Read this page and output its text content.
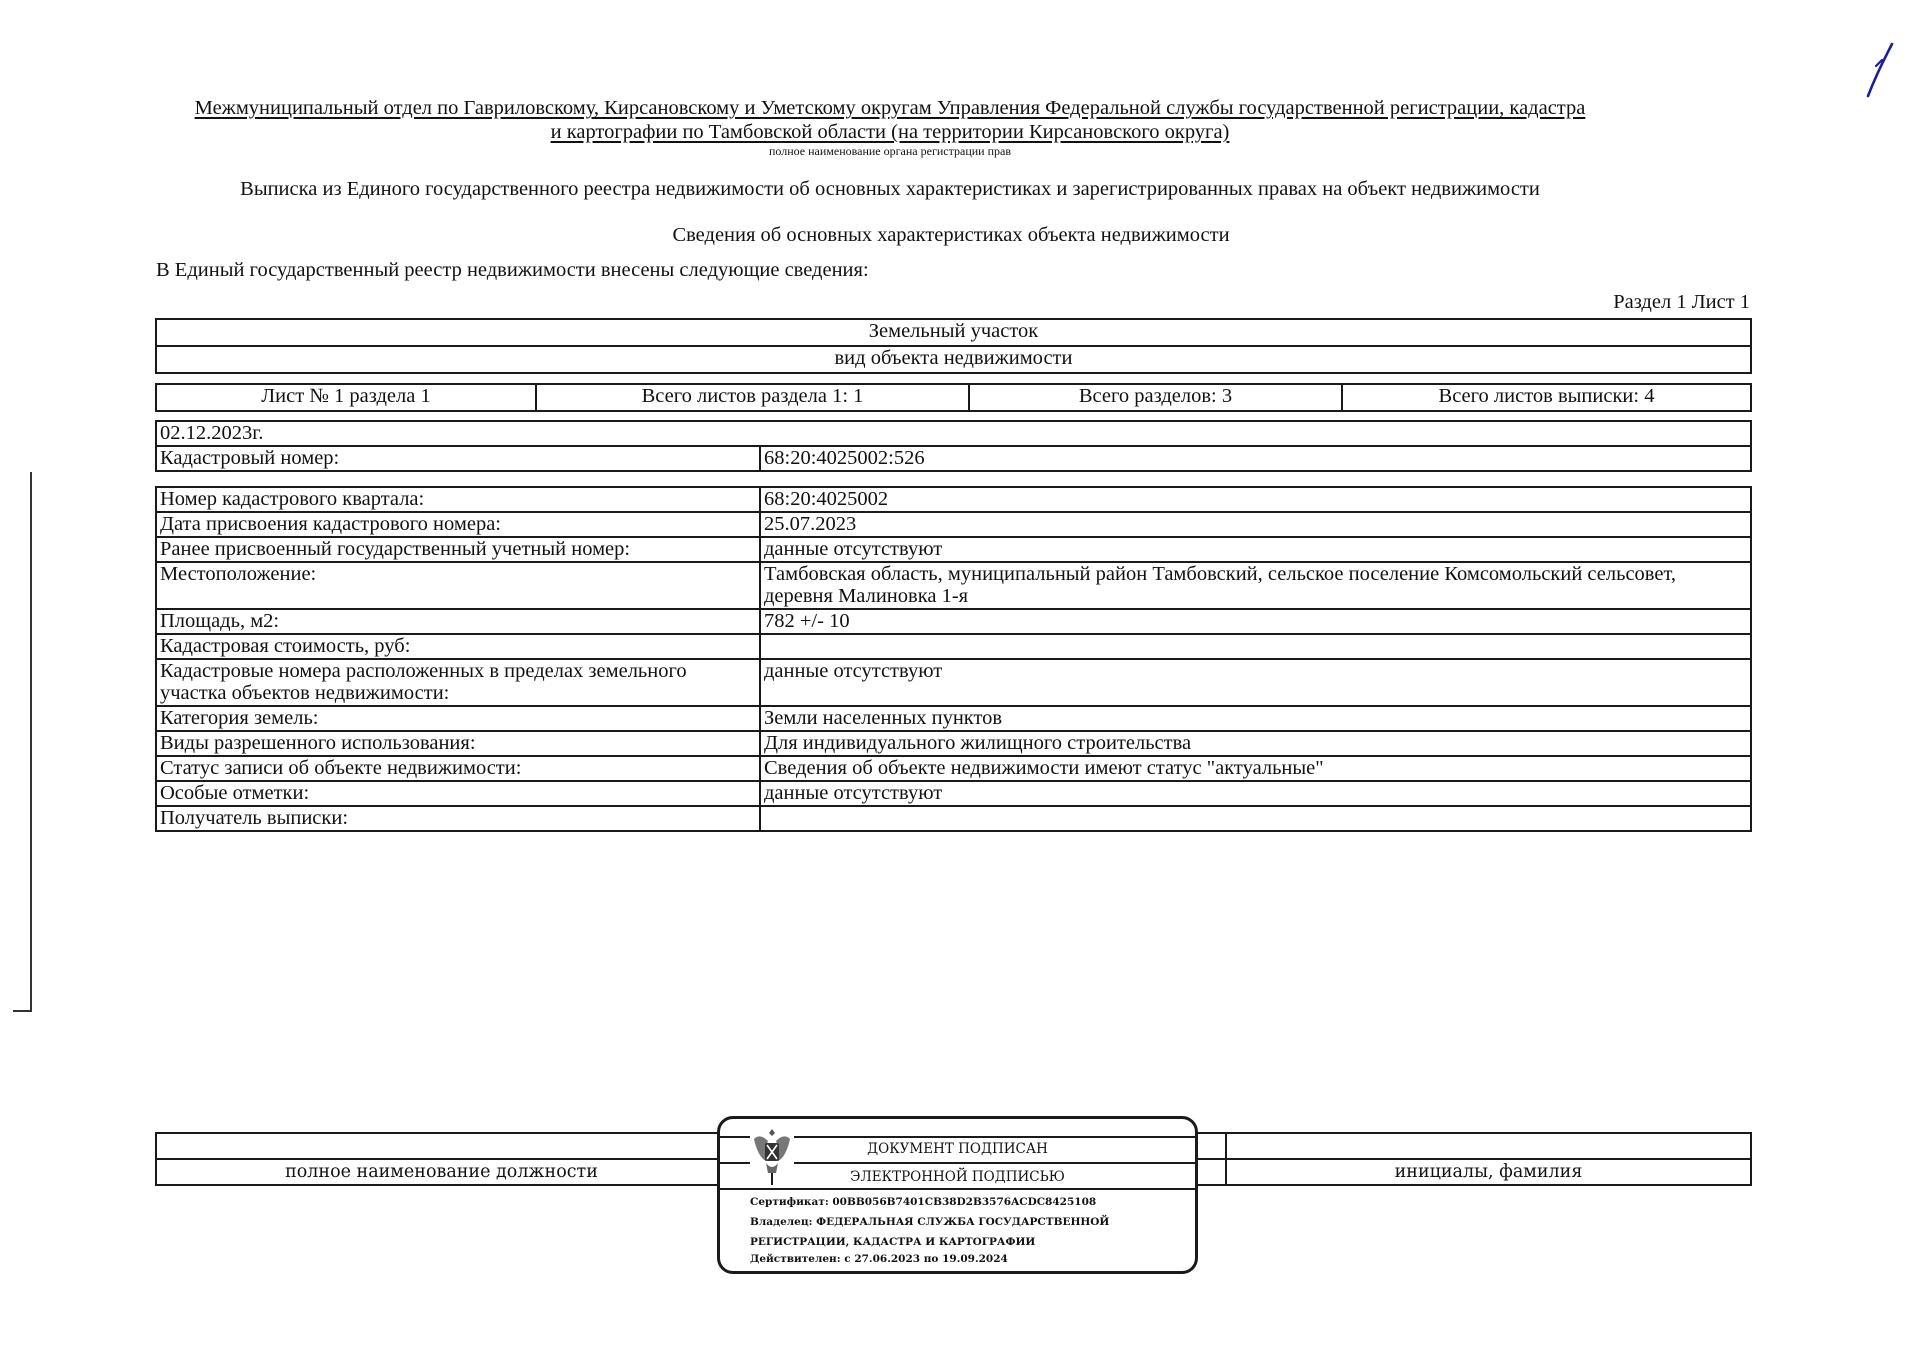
Межмуниципальный отдел по Гавриловскому, Кирсановскому и Уметскому округам Управления Федеральной службы государственной регистрации, кадастра
и картографии по Тамбовской области (на территории Кирсановского округа)
полное наименование органа регистрации прав
Выписка из Единого государственного реестра недвижимости об основных характеристиках и зарегистрированных правах на объект недвижимости
Сведения об основных характеристиках объекта недвижимости
В Единый государственный реестр недвижимости внесены следующие сведения:
Раздел 1 Лист 1
Земельный участок
вид объекта недвижимости
Лист № 1 раздела 1	Всего листов раздела 1: 1	Всего разделов: 3	Всего листов выписки: 4
02.12.2023г.
Кадастровый номер:	68:20:4025002:526
Номер кадастрового квартала:	68:20:4025002
Дата присвоения кадастрового номера:	25.07.2023
Ранее присвоенный государственный учетный номер:	данные отсутствуют
Местоположение:	Тамбовская область, муниципальный район Тамбовский, сельское поселение Комсомольский сельсовет, деревня Малиновка 1-я
Площадь, м2:	782 +/- 10
Кадастровая стоимость, руб:	
Кадастровые номера расположенных в пределах земельного участка объектов недвижимости:	данные отсутствуют
Категория земель:	Земли населенных пунктов
Виды разрешенного использования:	Для индивидуального жилищного строительства
Статус записи об объекте недвижимости:	Сведения об объекте недвижимости имеют статус "актуальные"
Особые отметки:	данные отсутствуют
Получатель выписки:	

полное наименование должности		инициалы, фамилия
ДОКУМЕНТ ПОДПИСАН
ЭЛЕКТРОННОЙ ПОДПИСЬЮ
Сертификат: 00BB056B7401CB38D2B3576ACDC8425108
Владелец: ФЕДЕРАЛЬНАЯ СЛУЖБА ГОСУДАРСТВЕННОЙ
РЕГИСТРАЦИИ, КАДАСТРА И КАРТОГРАФИИ
Действителен: с 27.06.2023 по 19.09.2024
